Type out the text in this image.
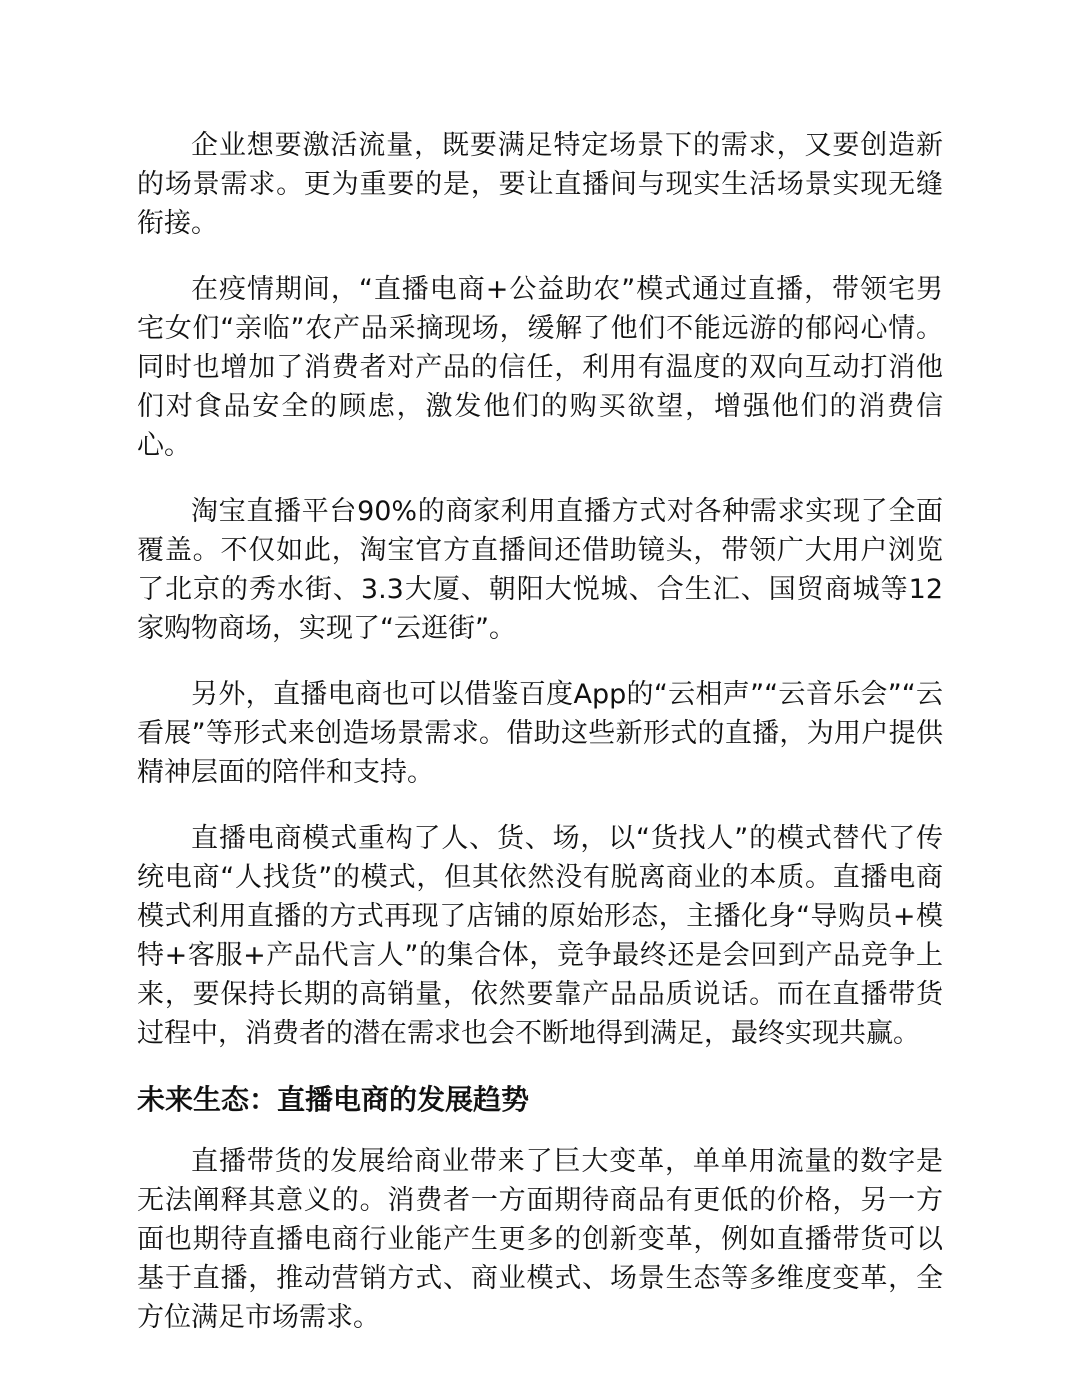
企业想要激活流量，既要满足特定场景下的需求，又要创造新的场景需求。更为重要的是，要让直播间与现实生活场景实现无缝衔接。

在疫情期间，“直播电商+公益助农”模式通过直播，带领宅男宅女们“亲临”农产品采摘现场，缓解了他们不能远游的郁闷心情。同时也增加了消费者对产品的信任，利用有温度的双向互动打消他们对食品安全的顾虑，激发他们的购买欲望，增强他们的消费信心。

淘宝直播平台90%的商家利用直播方式对各种需求实现了全面覆盖。不仅如此，淘宝官方直播间还借助镜头，带领广大用户浏览了北京的秀水街、3.3大厦、朝阳大悦城、合生汇、国贸商城等12家购物商场，实现了“云逛街”。

另外，直播电商也可以借鉴百度App的“云相声”“云音乐会”“云看展”等形式来创造场景需求。借助这些新形式的直播，为用户提供精神层面的陪伴和支持。

直播电商模式重构了人、货、场，以“货找人”的模式替代了传统电商“人找货”的模式，但其依然没有脱离商业的本质。直播电商模式利用直播的方式再现了店铺的原始形态，主播化身“导购员+模特+客服+产品代言人”的集合体，竞争最终还是会回到产品竞争上来，要保持长期的高销量，依然要靠产品品质说话。而在直播带货过程中，消费者的潜在需求也会不断地得到满足，最终实现共赢。

未来生态：直播电商的发展趋势

直播带货的发展给商业带来了巨大变革，单单用流量的数字是无法阐释其意义的。消费者一方面期待商品有更低的价格，另一方面也期待直播电商行业能产生更多的创新变革，例如直播带货可以基于直播，推动营销方式、商业模式、场景生态等多维度变革，全方位满足市场需求。
